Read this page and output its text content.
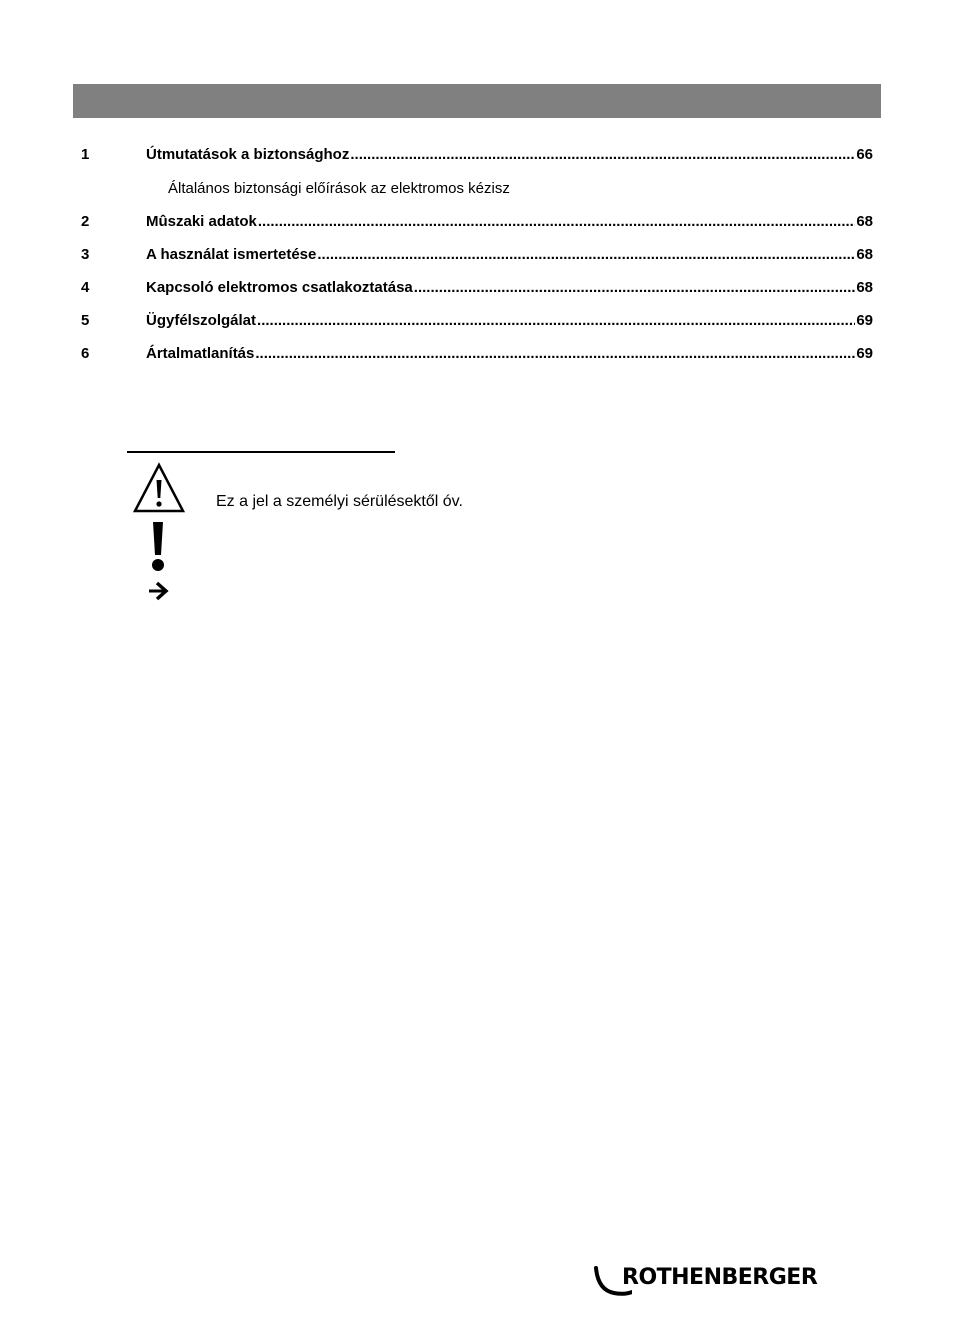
1	Útmutatások a biztonsághoz .....	66
Általános biztonsági előírások az elektromos kézisz
2	Mûszaki adatok .....	68
3	A használat ismertetése .....	68
4	Kapcsoló elektromos csatlakoztatása .....	68
5	Ügyfélszolgálat .....	69
6	Ártalmatlanítás .....	69
Ez a jel a személyi sérülésektől óv.
ROTHENBERGER
